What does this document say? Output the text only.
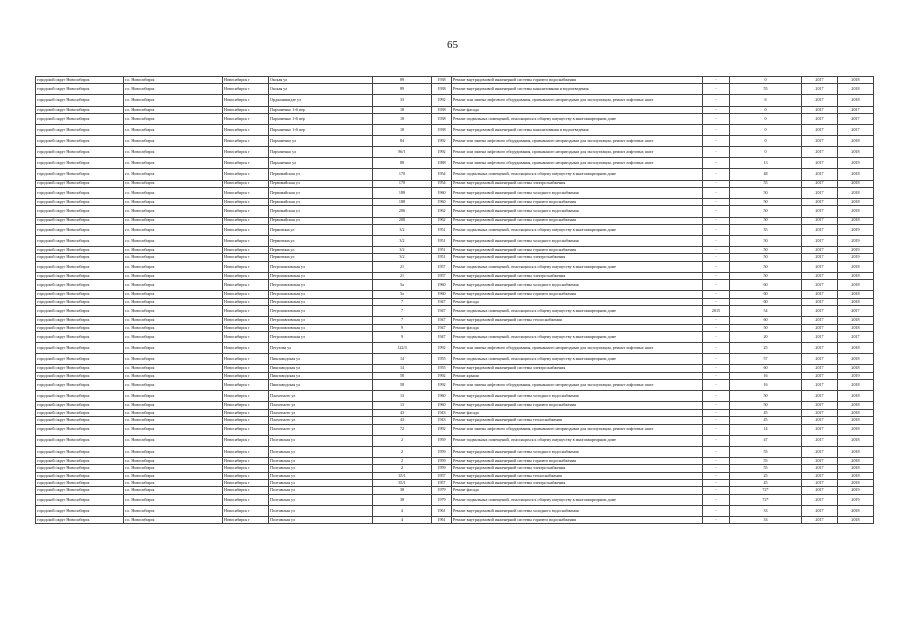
65
городской округ Новосибирск	г.о. Новосибирск	Новосибирск г	Окская ул	89	1938	Ремонт внутридомовой инженерной системы горячего водоснабжения	-	0	2017	2018
городской округ Новосибирск	г.о. Новосибирск	Новосибирск г	Окская ул	89	1938	Ремонт внутридомовой инженерной системы канализования и водоотведения	-	55	2017	2018
городской округ Новосибирск	г.о. Новосибирск	Новосибирск г	Орджоникидзе ул	33	1992	Ремонт или замена лифтового оборудования, признанного непригодным для эксплуатации, ремонт лифтовых шахт	-	6	2017	2018
городской округ Новосибирск	г.о. Новосибирск	Новосибирск г	Пархоменко 1-й пер	18	1938	Ремонт фасада	-	0	2017	2017
городской округ Новосибирск	г.о. Новосибирск	Новосибирск г	Пархоменко 1-й пер	18	1938	Ремонт подвальных помещений, относящихся к общему имуществу в многоквартирном доме	-	0	2017	2017
городской округ Новосибирск	г.о. Новосибирск	Новосибирск г	Пархоменко 1-й пер	18	1938	Ремонт внутридомовой инженерной системы канализования и водоотведения	-	0	2017	2017
городской округ Новосибирск	г.о. Новосибирск	Новосибирск г	Пархоменко ул	84	1992	Ремонт или замена лифтового оборудования, признанного непригодным для эксплуатации, ремонт лифтовых шахт	-	0	2017	2018
городской округ Новосибирск	г.о. Новосибирск	Новосибирск г	Пархоменко ул	86/1	1992	Ремонт или замена лифтового оборудования, признанного непригодным для эксплуатации, ремонт лифтовых шахт	-	0	2017	2018
городской округ Новосибирск	г.о. Новосибирск	Новосибирск г	Пархоменко ул	88	1988	Ремонт или замена лифтового оборудования, признанного непригодным для эксплуатации, ремонт лифтовых шахт	-	13	2017	2019
городской округ Новосибирск	г.о. Новосибирск	Новосибирск г	Первомайская ул	170	1954	Ремонт подвальных помещений, относящихся к общему имуществу в многоквартирном доме	-	48	2017	2018
городской округ Новосибирск	г.о. Новосибирск	Новосибирск г	Первомайская ул	170	1954	Ремонт внутридомовой инженерной системы электроснабжения	-	55	2017	2018
городской округ Новосибирск	г.о. Новосибирск	Новосибирск г	Первомайская ул	188	1960	Ремонт внутридомовой инженерной системы холодного водоснабжения	-	50	2017	2018
городской округ Новосибирск	г.о. Новосибирск	Новосибирск г	Первомайская ул	188	1960	Ремонт внутридомовой инженерной системы горячего водоснабжения	-	50	2017	2018
городской округ Новосибирск	г.о. Новосибирск	Новосибирск г	Первомайская ул	206	1962	Ремонт внутридомовой инженерной системы холодного водоснабжения	-	50	2017	2018
городской округ Новосибирск	г.о. Новосибирск	Новосибирск г	Первомайская ул	208	1962	Ремонт внутридомовой инженерной системы горячего водоснабжения	-	50	2017	2018
городской округ Новосибирск	г.о. Новосибирск	Новосибирск г	Пермитина ул	3/2	1951	Ремонт подвальных помещений, относящихся к общему имуществу в многоквартирном доме	-	35	2017	2019
городской округ Новосибирск	г.о. Новосибирск	Новосибирск г	Пермитина ул	3/2	1951	Ремонт внутридомовой инженерной системы холодного водоснабжения	-	50	2017	2019
городской округ Новосибирск	г.о. Новосибирск	Новосибирск г	Пермитина ул	3/2	1951	Ремонт внутридомовой инженерной системы горячего водоснабжения	-	50	2017	2019
городской округ Новосибирск	г.о. Новосибирск	Новосибирск г	Пермитина ул	3/2	1951	Ремонт внутридомовой инженерной системы электроснабжения	-	50	2017	2019
городской округ Новосибирск	г.о. Новосибирск	Новосибирск г	Петропавловская ул	21	1957	Ремонт подвальных помещений, относящихся к общему имуществу в многоквартирном доме	-	50	2017	2018
городской округ Новосибирск	г.о. Новосибирск	Новосибирск г	Петропавловская ул	21	1957	Ремонт внутридомовой инженерной системы электроснабжения	-	50	2017	2018
городской округ Новосибирск	г.о. Новосибирск	Новосибирск г	Петропавловская ул	5а	1960	Ремонт внутридомовой инженерной системы холодного водоснабжения	-	60	2017	2018
городской округ Новосибирск	г.о. Новосибирск	Новосибирск г	Петропавловская ул	5а	1960	Ремонт внутридомовой инженерной системы горячего водоснабжения	-	60	2017	2018
городской округ Новосибирск	г.о. Новосибирск	Новосибирск г	Петропавловская ул	7	1947	Ремонт фасада	-	60	2017	2018
городской округ Новосибирск	г.о. Новосибирск	Новосибирск г	Петропавловская ул	7	1947	Ремонт подвальных помещений, относящихся к общему имуществу в многоквартирном доме	2015	54	2017	2017
городской округ Новосибирск	г.о. Новосибирск	Новосибирск г	Петропавловская ул	7	1947	Ремонт внутридомовой инженерной системы теплоснабжения	-	60	2017	2018
городской округ Новосибирск	г.о. Новосибирск	Новосибирск г	Петропавловская ул	9	1947	Ремонт фасада	-	50	2017	2018
городской округ Новосибирск	г.о. Новосибирск	Новосибирск г	Петропавловская ул	9	1947	Ремонт подвальных помещений, относящихся к общему имуществу в многоквартирном доме	-	20	2017	2017
городской округ Новосибирск	г.о. Новосибирск	Новосибирск г	Петухова ул	122/3	1992	Ремонт или замена лифтового оборудования, признанного непригодным для эксплуатации, ремонт лифтовых шахт	-	25	2017	2018
городской округ Новосибирск	г.о. Новосибирск	Новосибирск г	Пишзаводская ул	14	1955	Ремонт подвальных помещений, относящихся к общему имуществу в многоквартирном доме	-	57	2017	2018
городской округ Новосибирск	г.о. Новосибирск	Новосибирск г	Пишзаводская ул	14	1955	Ремонт внутридомовой инженерной системы электроснабжения	-	60	2017	2018
городской округ Новосибирск	г.о. Новосибирск	Новосибирск г	Пишзаводская ул	58	1992	Ремонт крыши	-	16	2017	2019
городской округ Новосибирск	г.о. Новосибирск	Новосибирск г	Пишзаводская ул	58	1992	Ремонт или замена лифтового оборудования, признанного непригодным для эксплуатации, ремонт лифтовых шахт	-	16	2017	2018
городской округ Новосибирск	г.о. Новосибирск	Новосибирск г	Плахотного ул	13	1960	Ремонт внутридомовой инженерной системы холодного водоснабжения	-	50	2017	2018
городской округ Новосибирск	г.о. Новосибирск	Новосибирск г	Плахотного ул	13	1960	Ремонт внутридомовой инженерной системы горячего водоснабжения	-	50	2017	2018
городской округ Новосибирск	г.о. Новосибирск	Новосибирск г	Плахотного ул	43	1943	Ремонт фасада	-	45	2017	2018
городской округ Новосибирск	г.о. Новосибирск	Новосибирск г	Плахотного ул	43	1943	Ремонт внутридомовой инженерной системы теплоснабжения	-	45	2017	2018
городской округ Новосибирск	г.о. Новосибирск	Новосибирск г	Плахотного ул	72	1992	Ремонт или замена лифтового оборудования, признанного непригодным для эксплуатации, ремонт лифтовых шахт	-	14	2017	2018
городской округ Новосибирск	г.о. Новосибирск	Новосибирск г	Полтавская ул	2	1959	Ремонт подвальных помещений, относящихся к общему имуществу в многоквартирном доме	-	47	2017	2018
городской округ Новосибирск	г.о. Новосибирск	Новосибирск г	Полтавская ул	2	1959	Ремонт внутридомовой инженерной системы холодного водоснабжения	-	55	2017	2018
городской округ Новосибирск	г.о. Новосибирск	Новосибирск г	Полтавская ул	2	1959	Ремонт внутридомовой инженерной системы горячего водоснабжения	-	55	2017	2018
городской округ Новосибирск	г.о. Новосибирск	Новосибирск г	Полтавская ул	2	1959	Ремонт внутридомовой инженерной системы электроснабжения	-	55	2017	2018
городской округ Новосибирск	г.о. Новосибирск	Новосибирск г	Полтавская ул	35/1	1957	Ремонт внутридомовой инженерной системы теплоснабжения	-	25	2017	2018
городской округ Новосибирск	г.о. Новосибирск	Новосибирск г	Полтавская ул	35/1	1957	Ремонт внутридомовой инженерной системы электроснабжения	-	45	2017	2018
городской округ Новосибирск	г.о. Новосибирск	Новосибирск г	Полтавская ул	38	1979	Ремонт фасада	-	72*	2017	2019
городской округ Новосибирск	г.о. Новосибирск	Новосибирск г	Полтавская ул	38	1979	Ремонт подвальных помещений, относящихся к общему имуществу в многоквартирном доме	-	72*	2017	2019
городской округ Новосибирск	г.о. Новосибирск	Новосибирск г	Полтавская ул	4	1961	Ремонт внутридомовой инженерной системы холодного водоснабжения	-	33	2017	2018
городской округ Новосибирск	г.о. Новосибирск	Новосибирск г	Полтавская ул	4	1961	Ремонт внутридомовой инженерной системы горячего водоснабжения	-	33	2017	2018
